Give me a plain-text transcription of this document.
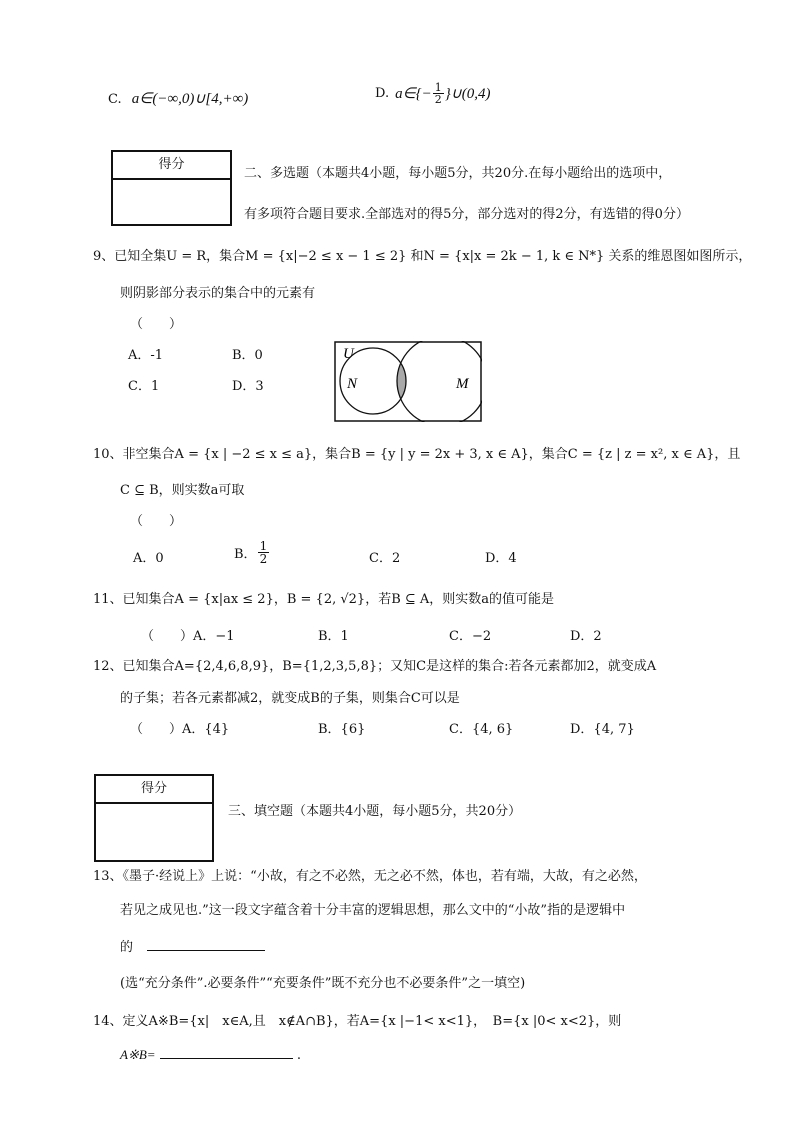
C. a∈(−∞,0)∪[4,+∞)	D. a∈{− $\frac{1}{2}$ }∪(0,4)
得分
二、多选题（本题共4小题，每小题5分，共20分.在每小题给出的选项中，
有多项符合题目要求.全部选对的得5分，部分选对的得2分，有选错的得0分）
9、已知全集U = R，集合M = {x|−2 ≤ x − 1 ≤ 2} 和N = {x|x = 2k − 1, k ∈ N*} 关系的维恩图如图所示，
则阴影部分表示的集合中的元素有
（　　）
A．-1	B．0
C．1	D．3
U
N	M
10、非空集合A = {x | −2 ≤ x ≤ a}，集合B = {y | y = 2x + 3, x ∈ A}，集合C = {z | z = x², x ∈ A}，且
C ⊆ B，则实数a可取
（　　）
A．0	B． $\frac{1}{2}$	C．2	D．4
11、已知集合A = {x|ax ≤ 2}，B = {2, √2}，若B ⊆ A，则实数a的值可能是
（　　）A．−1	B．1	C．−2	D．2
12、已知集合A={2,4,6,8,9}，B={1,2,3,5,8}；又知C是这样的集合:若各元素都加2，就变成A
的子集；若各元素都减2，就变成B的子集，则集合C可以是
（　　）A．{4}	B．{6}	C．{4, 6}	D．{4, 7}
得分
三、填空题（本题共4小题，每小题5分，共20分）
13、《墨子·经说上》上说：“小故，有之不必然，无之必不然，体也，若有端，大故，有之必然，
若见之成见也.”这一段文字蕴含着十分丰富的逻辑思想，那么文中的“小故”指的是逻辑中
的
(选“充分条件”.必要条件”“充要条件”既不充分也不必要条件”之一填空)
14、定义A※B={x|　x∈A,且　x∉A∩B}，若A={x |−1< x<1}，　B={x |0< x<2}，则
A※B=	.
